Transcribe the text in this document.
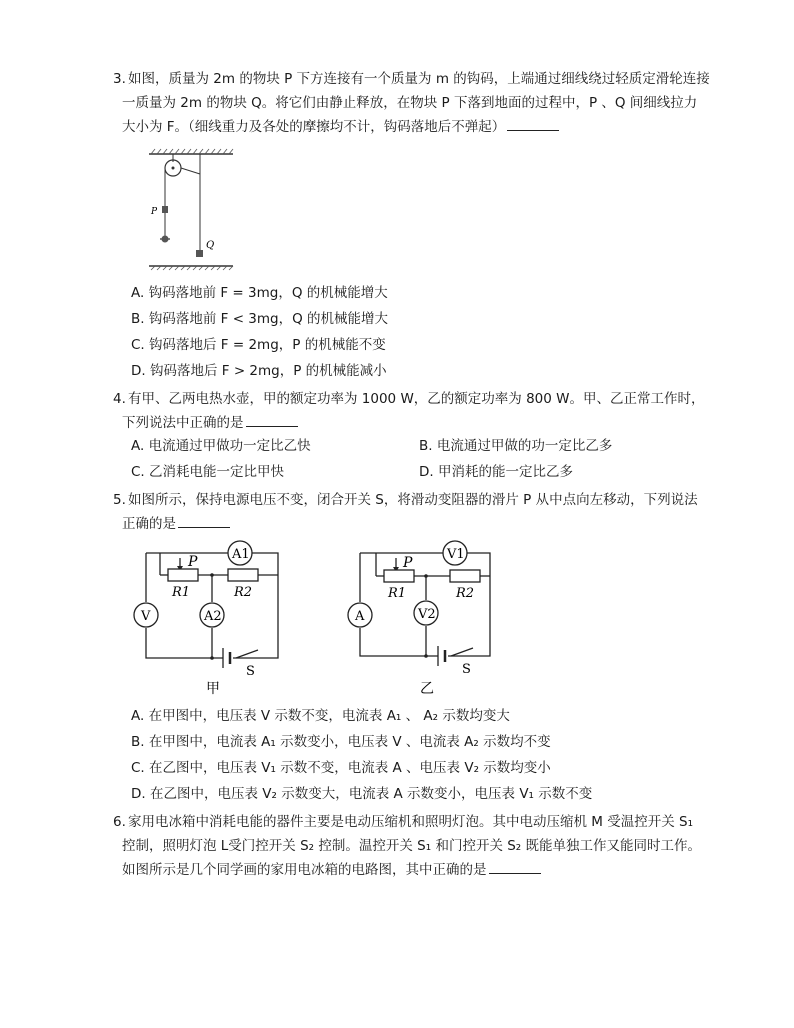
3. 如图，质量为 2m 的物块 P 下方连接有一个质量为 m 的钩码，上端通过细线绕过轻质定滑轮连接
一质量为 2m 的物块 Q。将它们由静止释放，在物块 P 下落到地面的过程中，P 、Q 间细线拉力
大小为 F。（细线重力及各处的摩擦均不计，钩码落地后不弹起）
P
Q
A. 钩码落地前 F = 3mg，Q 的机械能增大
B. 钩码落地前 F < 3mg，Q 的机械能增大
C. 钩码落地后 F = 2mg，P 的机械能不变
D. 钩码落地后 F > 2mg，P 的机械能减小
4. 有甲、乙两电热水壶，甲的额定功率为 1000 W，乙的额定功率为 800 W。甲、乙正常工作时，
下列说法中正确的是
A. 电流通过甲做功一定比乙快	B. 电流通过甲做的功一定比乙多
C. 乙消耗电能一定比甲快	D. 甲消耗的能一定比乙多
5. 如图所示，保持电源电压不变，闭合开关 S，将滑动变阻器的滑片 P 从中点向左移动，下列说法
正确的是
A1
A2
V
P
R1	R2
S
甲
V1
V2
A
P
R1	R2
S
乙
A. 在甲图中，电压表 V 示数不变，电流表 A₁ 、 A₂ 示数均变大
B. 在甲图中，电流表 A₁ 示数变小，电压表 V 、电流表 A₂ 示数均不变
C. 在乙图中，电压表 V₁ 示数不变，电流表 A 、电压表 V₂ 示数均变小
D. 在乙图中，电压表 V₂ 示数变大，电流表 A 示数变小，电压表 V₁ 示数不变
6. 家用电冰箱中消耗电能的器件主要是电动压缩机和照明灯泡。其中电动压缩机 M 受温控开关 S₁
控制，照明灯泡 L受门控开关 S₂ 控制。温控开关 S₁ 和门控开关 S₂ 既能单独工作又能同时工作。
如图所示是几个同学画的家用电冰箱的电路图，其中正确的是
